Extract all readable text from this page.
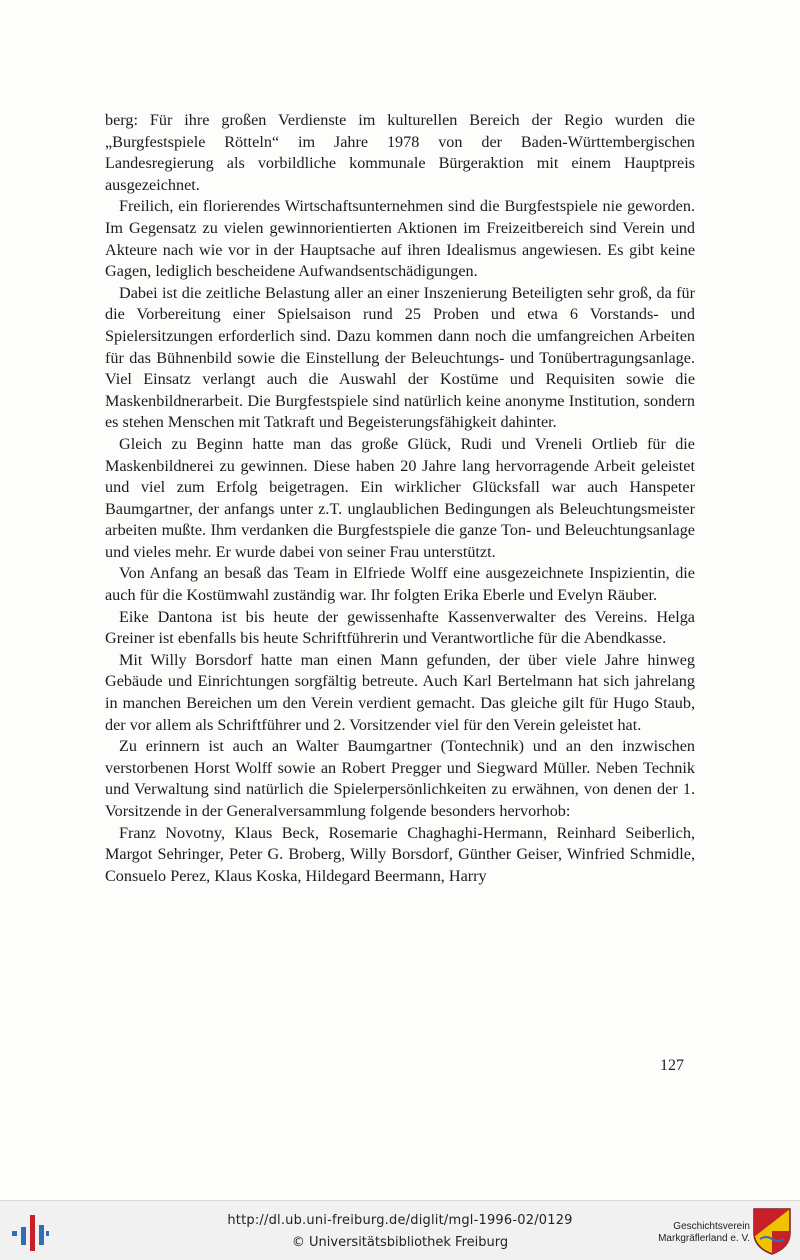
berg: Für ihre großen Verdienste im kulturellen Bereich der Regio wurden die „Burgfestspiele Rötteln“ im Jahre 1978 von der Baden-Württembergischen Landesregierung als vorbildliche kommunale Bürgeraktion mit einem Hauptpreis ausgezeichnet.

Freilich, ein florierendes Wirtschaftsunternehmen sind die Burgfestspiele nie geworden. Im Gegensatz zu vielen gewinnorientierten Aktionen im Freizeitbereich sind Verein und Akteure nach wie vor in der Hauptsache auf ihren Idealismus angewiesen. Es gibt keine Gagen, lediglich bescheidene Aufwandsentschädigungen.

Dabei ist die zeitliche Belastung aller an einer Inszenierung Beteiligten sehr groß, da für die Vorbereitung einer Spielsaison rund 25 Proben und etwa 6 Vorstands- und Spielersitzungen erforderlich sind. Dazu kommen dann noch die umfangreichen Arbeiten für das Bühnenbild sowie die Einstellung der Beleuchtungs- und Tonübertragungsanlage. Viel Einsatz verlangt auch die Auswahl der Kostüme und Requisiten sowie die Maskenbildnerarbeit. Die Burgfestspiele sind natürlich keine anonyme Institution, sondern es stehen Menschen mit Tatkraft und Begeisterungsfähigkeit dahinter.

Gleich zu Beginn hatte man das große Glück, Rudi und Vreneli Ortlieb für die Maskenbildnerei zu gewinnen. Diese haben 20 Jahre lang hervorragende Arbeit geleistet und viel zum Erfolg beigetragen. Ein wirklicher Glücksfall war auch Hanspeter Baumgartner, der anfangs unter z.T. unglaublichen Bedingungen als Beleuchtungsmeister arbeiten mußte. Ihm verdanken die Burgfestspiele die ganze Ton- und Beleuchtungsanlage und vieles mehr. Er wurde dabei von seiner Frau unterstützt.

Von Anfang an besaß das Team in Elfriede Wolff eine ausgezeichnete Inspizientin, die auch für die Kostümwahl zuständig war. Ihr folgten Erika Eberle und Evelyn Räuber.

Eike Dantona ist bis heute der gewissenhafte Kassenverwalter des Vereins. Helga Greiner ist ebenfalls bis heute Schriftführerin und Verantwortliche für die Abendkasse.

Mit Willy Borsdorf hatte man einen Mann gefunden, der über viele Jahre hinweg Gebäude und Einrichtungen sorgfältig betreute. Auch Karl Bertelmann hat sich jahrelang in manchen Bereichen um den Verein verdient gemacht. Das gleiche gilt für Hugo Staub, der vor allem als Schriftführer und 2. Vorsitzender viel für den Verein geleistet hat.

Zu erinnern ist auch an Walter Baumgartner (Tontechnik) und an den inzwischen verstorbenen Horst Wolff sowie an Robert Pregger und Siegward Müller. Neben Technik und Verwaltung sind natürlich die Spielerpersönlichkeiten zu erwähnen, von denen der 1. Vorsitzende in der Generalversammlung folgende besonders hervorhob:

Franz Novotny, Klaus Beck, Rosemarie Chaghaghi-Hermann, Reinhard Seiberlich, Margot Sehringer, Peter G. Broberg, Willy Borsdorf, Günther Geiser, Winfried Schmidle, Consuelo Perez, Klaus Koska, Hildegard Beermann, Harry

127
http://dl.ub.uni-freiburg.de/diglit/mgl-1996-02/0129
© Universitätsbibliothek Freiburg
Geschichtsverein
Markgräflerland e. V.
